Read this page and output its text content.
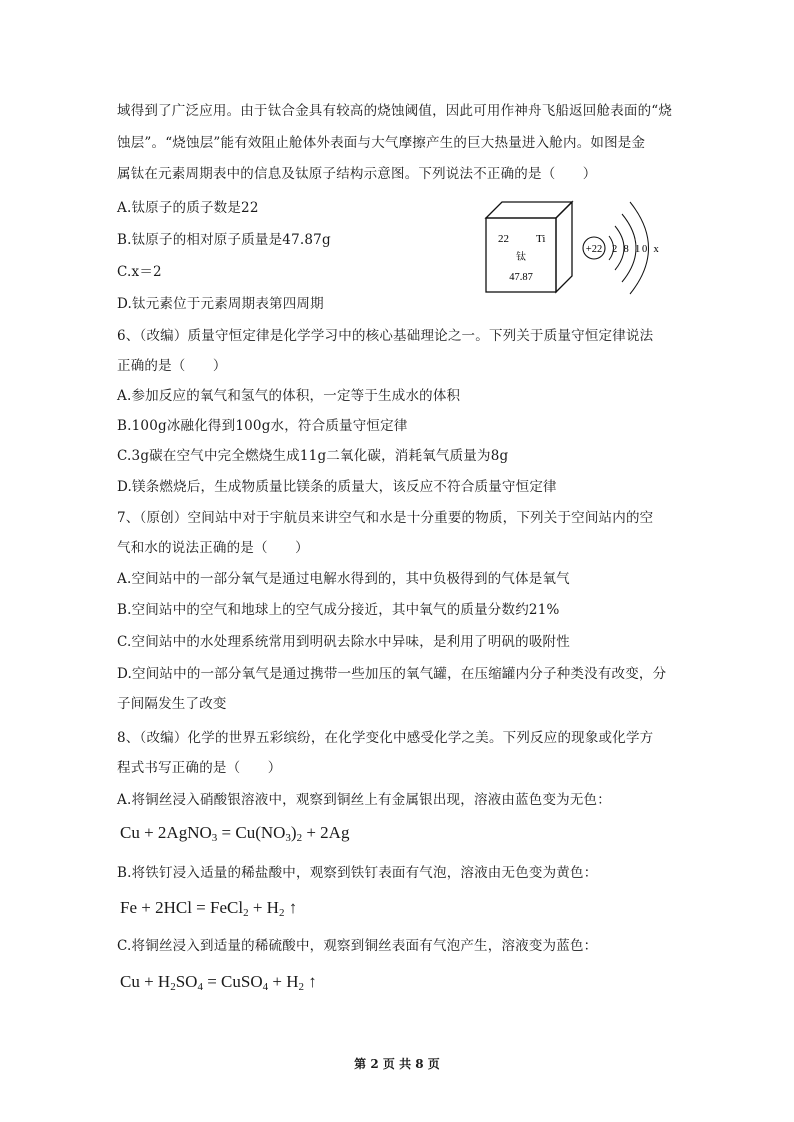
域得到了广泛应用。由于钛合金具有较高的烧蚀阈值，因此可用作神舟飞船返回舱表面的“烧

蚀层”。“烧蚀层”能有效阻止舱体外表面与大气摩擦产生的巨大热量进入舱内。如图是金

属钛在元素周期表中的信息及钛原子结构示意图。下列说法不正确的是（　　）

A.钛原子的质子数是22

B.钛原子的相对原子质量是47.87g

C.x＝2

D.钛元素位于元素周期表第四周期

22 Ti
钛
47.87
+22 2 8 10 x

6、（改编）质量守恒定律是化学学习中的核心基础理论之一。下列关于质量守恒定律说法

正确的是（　　）

A.参加反应的氧气和氢气的体积，一定等于生成水的体积

B.100g冰融化得到100g水，符合质量守恒定律

C.3g碳在空气中完全燃烧生成11g二氧化碳，消耗氧气质量为8g

D.镁条燃烧后，生成物质量比镁条的质量大，该反应不符合质量守恒定律

7、（原创）空间站中对于宇航员来讲空气和水是十分重要的物质，下列关于空间站内的空

气和水的说法正确的是（　　）

A.空间站中的一部分氧气是通过电解水得到的，其中负极得到的气体是氧气

B.空间站中的空气和地球上的空气成分接近，其中氧气的质量分数约21%

C.空间站中的水处理系统常用到明矾去除水中异味，是利用了明矾的吸附性

D.空间站中的一部分氧气是通过携带一些加压的氧气罐，在压缩罐内分子种类没有改变，分

子间隔发生了改变

8、（改编）化学的世界五彩缤纷，在化学变化中感受化学之美。下列反应的现象或化学方

程式书写正确的是（　　）

A.将铜丝浸入硝酸银溶液中，观察到铜丝上有金属银出现，溶液由蓝色变为无色：

Cu + 2AgNO$_3$ = $Cu(NO_3)_2 + 2Ag$

B.将铁钉浸入适量的稀盐酸中，观察到铁钉表面有气泡，溶液由无色变为黄色：

Fe + 2HCl = FeCl$_2$ + $H_2$ ↑

C.将铜丝浸入到适量的稀硫酸中，观察到铜丝表面有气泡产生，溶液变为蓝色：

$Cu + H_2SO_4$ = CuSO$_4$ + $H_2$ ↑
第 2 页 共 8 页
